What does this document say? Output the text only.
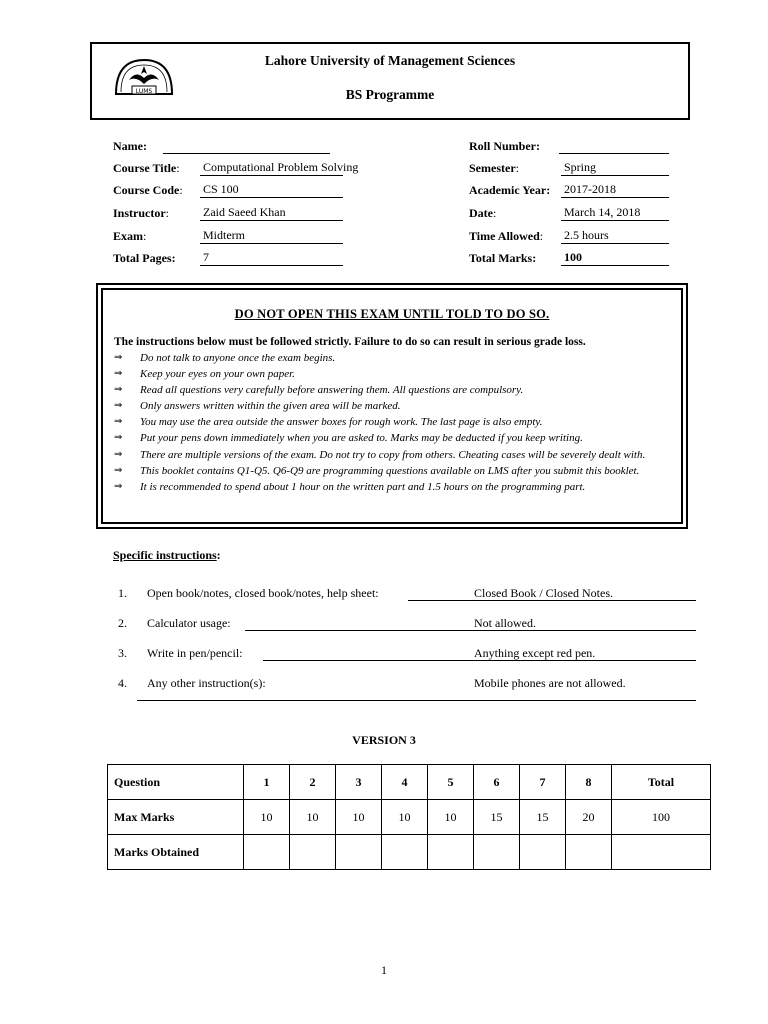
Lahore University of Management Sciences
BS Programme
LUMS
Name:
Course Title: Computational Problem Solving
Course Code: CS 100
Instructor:	Zaid Saeed Khan
Exam:	Midterm
Total Pages: 7
Roll Number:
Semester:	Spring
Academic Year: 2017-2018
Date:	March 14, 2018
Time Allowed: 2.5 hours
Total Marks: 100
DO NOT OPEN THIS EXAM UNTIL TOLD TO DO SO.
The instructions below must be followed strictly. Failure to do so can result in serious grade loss.
⇒	Do not talk to anyone once the exam begins.
⇒	Keep your eyes on your own paper.
⇒	Read all questions very carefully before answering them. All questions are compulsory.
⇒	Only answers written within the given area will be marked.
⇒	You may use the area outside the answer boxes for rough work. The last page is also empty.
⇒	Put your pens down immediately when you are asked to. Marks may be deducted if you keep writing.
⇒	There are multiple versions of the exam. Do not try to copy from others. Cheating cases will be severely dealt with.
⇒	This booklet contains Q1-Q5. Q6-Q9 are programming questions available on LMS after you submit this booklet.
⇒	It is recommended to spend about 1 hour on the written part and 1.5 hours on the programming part.
Specific instructions:
1. Open book/notes, closed book/notes, help sheet:	Closed Book / Closed Notes.
2. Calculator usage:	Not allowed.
3. Write in pen/pencil:	Anything except red pen.
4. Any other instruction(s):	Mobile phones are not allowed.
VERSION 3
Question	1	2	3	4	5	6	7	8	Total
Max Marks	10	10	10	10	10	15	15	20	100
Marks Obtained									
1
